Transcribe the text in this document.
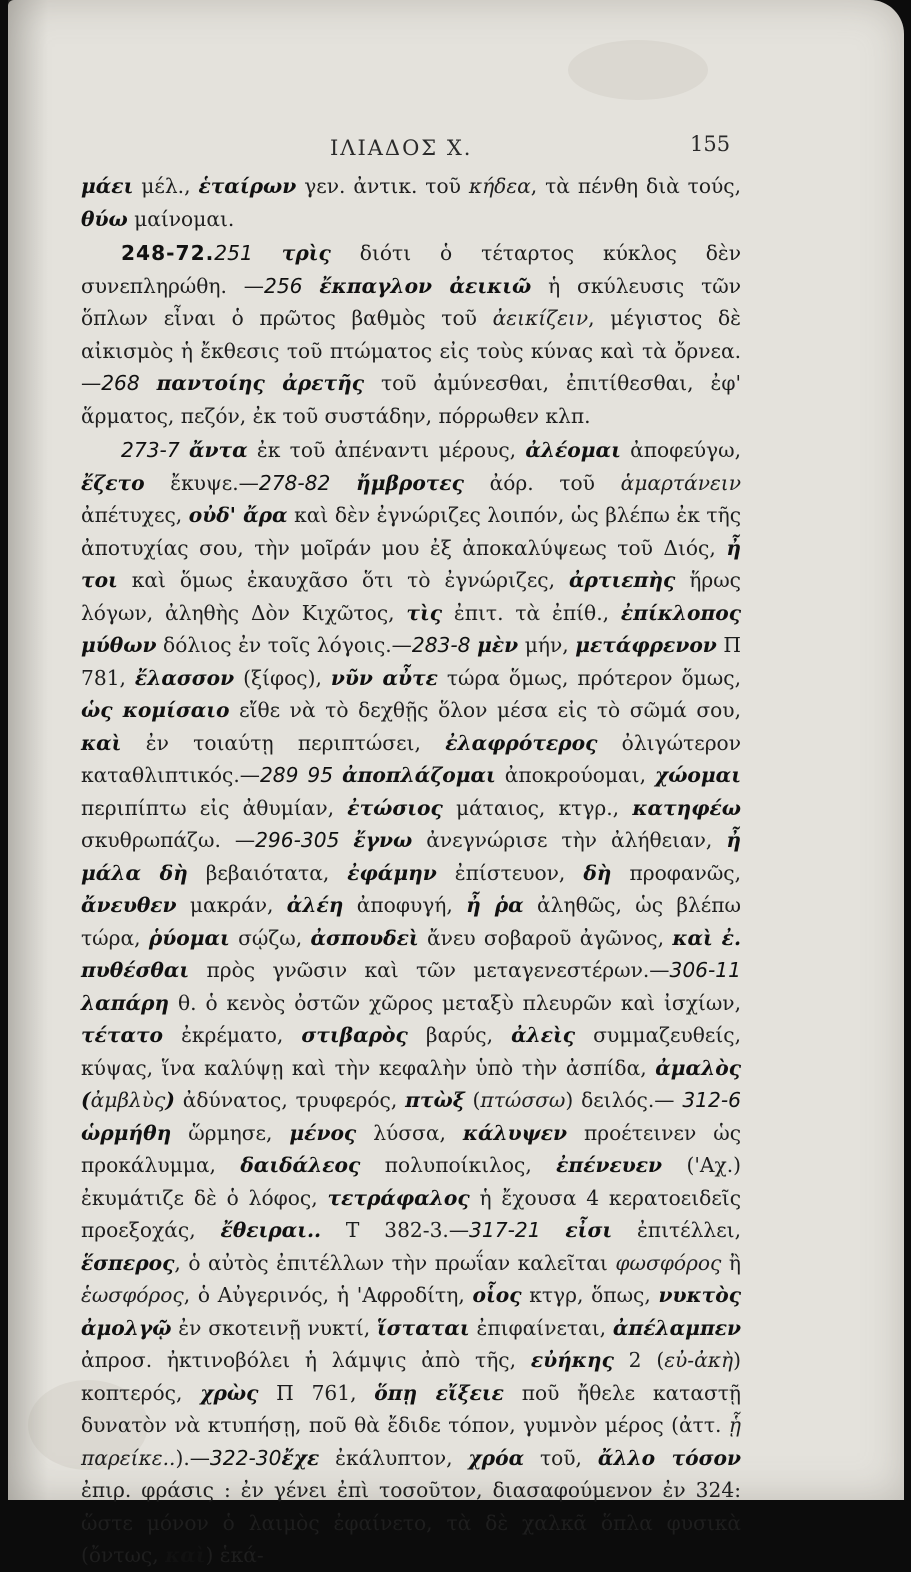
ΙΛΙΑΔΟΣ Χ.	155

μάει μέλ., ἑταίρων γεν. ἀντικ. τοῦ κήδεα, τὰ πένθη διὰ τούς, θύω μαίνομαι.

248-72.251 τρὶς διότι ὁ τέταρτος κύκλος δὲν συνεπληρώθη. —256 ἔκπαγλον ἀεικιῶ ἡ σκύλευσις τῶν ὅπλων εἶναι ὁ πρῶτος βαθμὸς τοῦ ἀεικίζειν, μέγιστος δὲ αἰκισμὸς ἡ ἔκθεσις τοῦ πτώματος εἰς τοὺς κύνας καὶ τὰ ὄρνεα.—268 παντοίης ἀρετῆς τοῦ ἀμύνεσθαι, ἐπιτίθεσθαι, ἐφ' ἅρματος, πεζόν, ἐκ τοῦ συστάδην, πόρρωθεν κλπ.

273-7 ἄντα ἐκ τοῦ ἀπέναντι μέρους, ἀλέομαι ἀποφεύγω, ἔζετο ἔκυψε.—278-82 ἤμβροτες ἀόρ. τοῦ ἁμαρτάνειν ἀπέτυχες, οὐδ' ἄρα καὶ δὲν ἐγνώριζες λοιπόν, ὡς βλέπω ἐκ τῆς ἀποτυχίας σου, τὴν μοῖράν μου ἐξ ἀποκαλύψεως τοῦ Διός, ἦ τοι καὶ ὅμως ἐκαυχᾶσο ὅτι τὸ ἐγνώριζες, ἀρτιεπὴς ἥρως λόγων, ἀληθὴς Δὸν Κιχῶτος, τὶς ἐπιτ. τὰ ἐπίθ., ἐπίκλοπος μύθων δόλιος ἐν τοῖς λόγοις.—283-8 μὲν μήν, μετάφρενον Π 781, ἔλασσον (ξίφος), νῦν αὖτε τώρα ὅμως, πρότερον ὅμως, ὡς κομίσαιο εἴθε νὰ τὸ δεχθῇς ὅλον μέσα εἰς τὸ σῶμά σου, καὶ ἐν τοιαύτῃ περιπτώσει, ἐλαφρότερος ὀλιγώτερον καταθλιπτικός.—289 95 ἀποπλάζομαι ἀποκρούομαι, χώομαι περιπίπτω εἰς ἀθυμίαν, ἐτώσιος μάταιος, κτγρ., κατηφέω σκυθρωπάζω. —296-305 ἔγνω ἀνεγνώρισε τὴν ἀλήθειαν, ἦ μάλα δὴ βεβαιότατα, ἐφάμην ἐπίστευον, δὴ προφανῶς, ἄνευθεν μακράν, ἀλέη ἀποφυγή, ἦ ῥα ἀληθῶς, ὡς βλέπω τώρα, ῥύομαι σῴζω, ἀσπουδεὶ ἄνευ σοβαροῦ ἀγῶνος, καὶ ἐ. πυθέσθαι πρὸς γνῶσιν καὶ τῶν μεταγενεστέρων.—306-11 λαπάρη θ. ὁ κενὸς ὀστῶν χῶρος μεταξὺ πλευρῶν καὶ ἰσχίων, τέτατο ἐκρέματο, στιβαρὸς βαρύς, ἀλεὶς συμμαζευθείς, κύψας, ἵνα καλύψῃ καὶ τὴν κεφαλὴν ὑπὸ τὴν ἀσπίδα, ἀμαλὸς (ἀμβλὺς) ἀδύνατος, τρυφερός, πτὼξ (πτώσσω) δειλός.— 312-6 ὡρμήθη ὥρμησε, μένος λύσσα, κάλυψεν προέτεινεν ὡς προκάλυμμα, δαιδάλεος πολυποίκιλος, ἐπένευεν ('Αχ.) ἐκυμάτιζε δὲ ὁ λόφος, τετράφαλος ἡ ἔχουσα 4 κερατοειδεῖς προεξοχάς, ἔθειραι.. Τ 382-3.—317-21 εἶσι ἐπιτέλλει, ἕσπερος, ὁ αὐτὸς ἐπιτέλλων τὴν πρωΐαν καλεῖται φωσφόρος ἢ ἑωσφόρος, ὁ Αὐγερινός, ἡ 'Αφροδίτη, οἷος κτγρ, ὅπως, νυκτὸς ἀμολγῷ ἐν σκοτεινῇ νυκτί, ἵσταται ἐπιφαίνεται, ἀπέλαμπεν ἀπροσ. ἠκτινοβόλει ἡ λάμψις ἀπὸ τῆς, εὐήκης 2 (εὐ-ἀκὴ) κοπτερός, χρὼς Π 761, ὅπῃ εἴξειε ποῦ ἤθελε καταστῇ δυνατὸν νὰ κτυπήσῃ, ποῦ θὰ ἔδιδε τόπον, γυμνὸν μέρος (ἀττ. ᾗ παρείκε..).—322-30ἔχε ἐκάλυπτον, χρόα τοῦ, ἄλλο τόσον ἐπιρ. φράσις : ἐν γένει ἐπὶ τοσοῦτον, διασαφούμενον ἐν 324: ὥστε μόνον ὁ λαιμὸς ἐφαίνετο, τὰ δὲ χαλκᾶ ὅπλα φυσικὰ (ὄντως, καὶ) ἑκά-
